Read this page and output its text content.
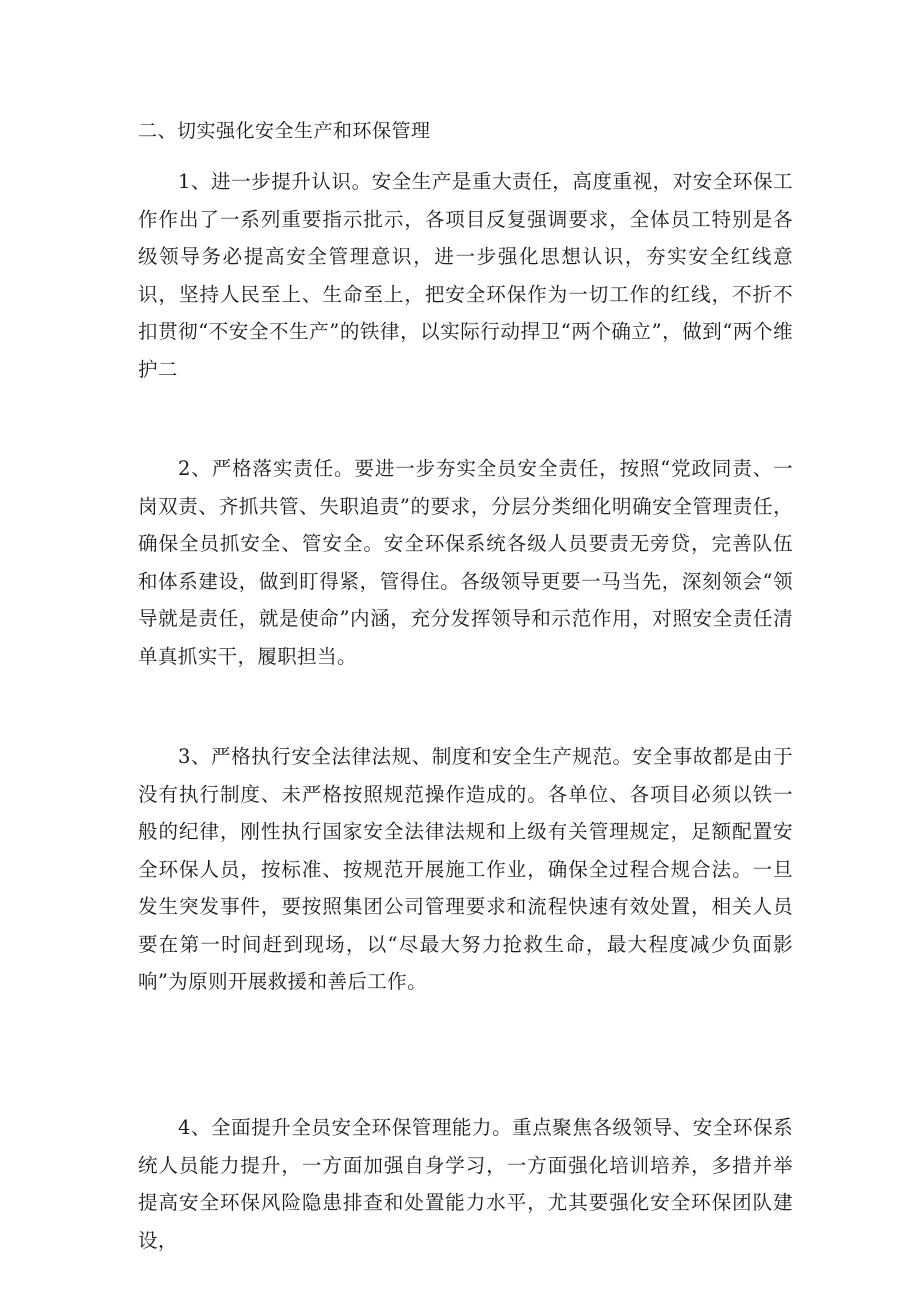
二、切实强化安全生产和环保管理

1、进一步提升认识。安全生产是重大责任，高度重视，对安全环保工作作出了一系列重要指示批示，各项目反复强调要求，全体员工特别是各级领导务必提高安全管理意识，进一步强化思想认识，夯实安全红线意识，坚持人民至上、生命至上，把安全环保作为一切工作的红线，不折不扣贯彻“不安全不生产”的铁律，以实际行动捍卫“两个确立”，做到“两个维护二

2、严格落实责任。要进一步夯实全员安全责任，按照“党政同责、一岗双责、齐抓共管、失职追责”的要求，分层分类细化明确安全管理责任，确保全员抓安全、管安全。安全环保系统各级人员要责无旁贷，完善队伍和体系建设，做到盯得紧，管得住。各级领导更要一马当先，深刻领会“领导就是责任，就是使命”内涵，充分发挥领导和示范作用，对照安全责任清单真抓实干，履职担当。

3、严格执行安全法律法规、制度和安全生产规范。安全事故都是由于没有执行制度、未严格按照规范操作造成的。各单位、各项目必须以铁一般的纪律，刚性执行国家安全法律法规和上级有关管理规定，足额配置安全环保人员，按标准、按规范开展施工作业，确保全过程合规合法。一旦发生突发事件，要按照集团公司管理要求和流程快速有效处置，相关人员要在第一时间赶到现场，以“尽最大努力抢救生命，最大程度减少负面影响”为原则开展救援和善后工作。

4、全面提升全员安全环保管理能力。重点聚焦各级领导、安全环保系统人员能力提升，一方面加强自身学习，一方面强化培训培养，多措并举提高安全环保风险隐患排查和处置能力水平，尤其要强化安全环保团队建设，
